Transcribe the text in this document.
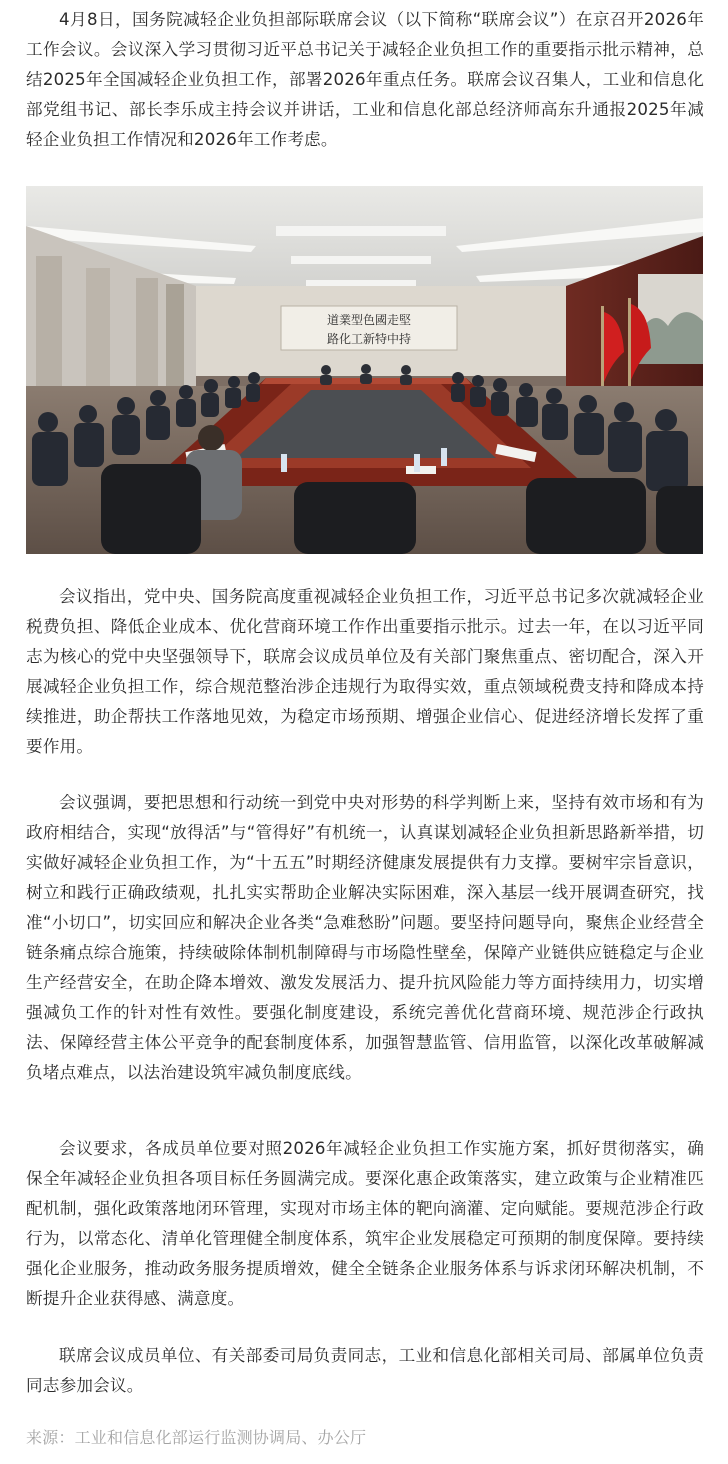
4月8日，国务院减轻企业负担部际联席会议（以下简称“联席会议”）在京召开2026年工作会议。会议深入学习贯彻习近平总书记关于减轻企业负担工作的重要指示批示精神，总结2025年全国减轻企业负担工作，部署2026年重点任务。联席会议召集人，工业和信息化部党组书记、部长李乐成主持会议并讲话，工业和信息化部总经济师高东升通报2025年减轻企业负担工作情况和2026年工作考虑。

道業型色國走堅
路化工新特中持

会议指出，党中央、国务院高度重视减轻企业负担工作，习近平总书记多次就减轻企业税费负担、降低企业成本、优化营商环境工作作出重要指示批示。过去一年，在以习近平同志为核心的党中央坚强领导下，联席会议成员单位及有关部门聚焦重点、密切配合，深入开展减轻企业负担工作，综合规范整治涉企违规行为取得实效，重点领域税费支持和降成本持续推进，助企帮扶工作落地见效，为稳定市场预期、增强企业信心、促进经济增长发挥了重要作用。

会议强调，要把思想和行动统一到党中央对形势的科学判断上来，坚持有效市场和有为政府相结合，实现“放得活”与“管得好”有机统一，认真谋划减轻企业负担新思路新举措，切实做好减轻企业负担工作，为“十五五”时期经济健康发展提供有力支撑。要树牢宗旨意识，树立和践行正确政绩观，扎扎实实帮助企业解决实际困难，深入基层一线开展调查研究，找准“小切口”，切实回应和解决企业各类“急难愁盼”问题。要坚持问题导向，聚焦企业经营全链条痛点综合施策，持续破除体制机制障碍与市场隐性壁垒，保障产业链供应链稳定与企业生产经营安全，在助企降本增效、激发发展活力、提升抗风险能力等方面持续用力，切实增强减负工作的针对性有效性。要强化制度建设，系统完善优化营商环境、规范涉企行政执法、保障经营主体公平竞争的配套制度体系，加强智慧监管、信用监管，以深化改革破解减负堵点难点，以法治建设筑牢减负制度底线。

会议要求，各成员单位要对照2026年减轻企业负担工作实施方案，抓好贯彻落实，确保全年减轻企业负担各项目标任务圆满完成。要深化惠企政策落实，建立政策与企业精准匹配机制，强化政策落地闭环管理，实现对市场主体的靶向滴灌、定向赋能。要规范涉企行政行为，以常态化、清单化管理健全制度体系，筑牢企业发展稳定可预期的制度保障。要持续强化企业服务，推动政务服务提质增效，健全全链条企业服务体系与诉求闭环解决机制，不断提升企业获得感、满意度。

联席会议成员单位、有关部委司局负责同志，工业和信息化部相关司局、部属单位负责同志参加会议。

来源：工业和信息化部运行监测协调局、办公厅
